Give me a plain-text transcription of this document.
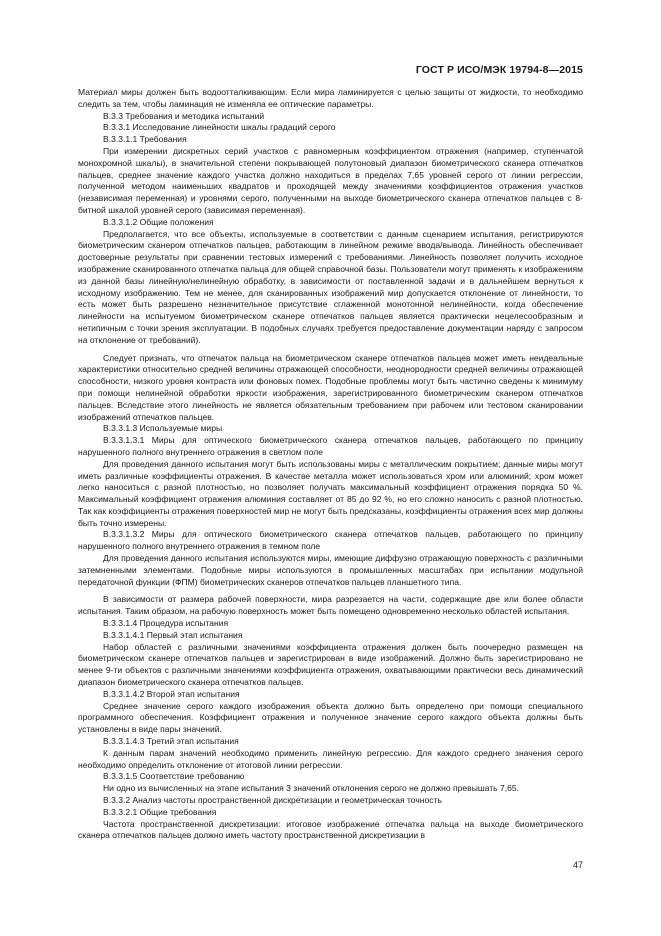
ГОСТ Р ИСО/МЭК 19794-8—2015

Материал миры должен быть водоотталкивающим. Если мира ламинируется с целью защиты от жидкости, то необходимо следить за тем, чтобы ламинация не изменяла ее оптические параметры.

В.3.3 Требования и методика испытаний

В.3.3.1 Исследование линейности шкалы градаций серого

В.3.3.1.1 Требования

При измерении дискретных серий участков с равномерным коэффициентом отражения (например, ступенчатой монохромной шкалы), в значительной степени покрывающей полутоновый диапазон биометрического сканера отпечатков пальцев, среднее значение каждого участка должно находиться в пределах 7,65 уровней серого от линии регрессии, полученной методом наименьших квадратов и проходящей между значениями коэффициентов отражения участков (независимая переменная) и уровнями серого, полученными на выходе биометрического сканера отпечатков пальцев с 8-битной шкалой уровней серого (зависимая переменная).

В.3.3.1.2 Общие положения

Предполагается, что все объекты, используемые в соответствии с данным сценарием испытания, регистрируются биометрическим сканером отпечатков пальцев, работающим в линейном режиме ввода/вывода. Линейность обеспечивает достоверные результаты при сравнении тестовых измерений с требованиями. Линейность позволяет получить исходное изображение сканированного отпечатка пальца для общей справочной базы. Пользователи могут применять к изображениям из данной базы линейную/нелинейную обработку, в зависимости от поставленной задачи и в дальнейшем вернуться к исходному изображению. Тем не менее, для сканированных изображений мир допускается отклонение от линейности, то есть может быть разрешено незначительное присутствие сглаженной монотонной нелинейности, когда обеспечение линейности на испытуемом биометрическом сканере отпечатков пальцев является практически нецелесообразным и нетипичным с точки зрения эксплуатации. В подобных случаях требуется предоставление документации наряду с запросом на отклонение от требований).

Следует признать, что отпечаток пальца на биометрическом сканере отпечатков пальцев может иметь неидеальные характеристики относительно средней величины отражающей способности, неоднородности средней величины отражающей способности, низкого уровня контраста или фоновых помех. Подобные проблемы могут быть частично сведены к минимуму при помощи нелинейной обработки яркости изображения, зарегистрированного биометрическим сканером отпечатков пальцев. Вследствие этого линейность не является обязательным требованием при рабочем или тестовом сканировании изображений отпечатков пальцев.

В.3.3.1.3 Используемые миры

В.3.3.1.3.1 Миры для оптического биометрического сканера отпечатков пальцев, работающего по принципу нарушенного полного внутреннего отражения в светлом поле

Для проведения данного испытания могут быть использованы миры с металлическим покрытием; данные миры могут иметь различные коэффициенты отражения. В качестве металла может использоваться хром или алюминий; хром может легко наноситься с разной плотностью, но позволяет получать максимальный коэффициент отражения порядка 50 %. Максимальный коэффициент отражения алюминия составляет от 85 до 92 %, но его сложно наносить с разной плотностью. Так как коэффициенты отражения поверхностей мир не могут быть предсказаны, коэффициенты отражения всех мир должны быть точно измерены.

В.3.3.1.3.2 Миры для оптического биометрического сканера отпечатков пальцев, работающего по принципу нарушенного полного внутреннего отражения в темном поле

Для проведения данного испытания используются миры, имеющие диффузно отражающую поверхность с различными затемненными элементами. Подобные миры используются в промышленных масштабах при испытании модульной передаточной функции (ФПМ) биометрических сканеров отпечатков пальцев планшетного типа.

В зависимости от размера рабочей поверхности, мира разрезается на части, содержащие две или более области испытания. Таким образом, на рабочую поверхность может быть помещено одновременно несколько областей испытания.

В.3.3.1.4 Процедура испытания

В.3.3.1.4.1 Первый этап испытания

Набор областей с различными значениями коэффициента отражения должен быть поочередно размещен на биометрическом сканере отпечатков пальцев и зарегистрирован в виде изображений. Должно быть зарегистрировано не менее 9-ти объектов с различными значениями коэффициента отражения, охватывающими практически весь динамический диапазон биометрического сканера отпечатков пальцев.

В.3.3.1.4.2 Второй этап испытания

Среднее значение серого каждого изображения объекта должно быть определено при помощи специального программного обеспечения. Коэффициент отражения и полученное значение серого каждого объекта должны быть установлены в виде пары значений.

В.3.3.1.4.3 Третий этап испытания

К данным парам значений необходимо применить линейную регрессию. Для каждого среднего значения серого необходимо определить отклонение от итоговой линии регрессии.

В.3.3.1.5 Соответствие требованию

Ни одно из вычисленных на этапе испытания 3 значений отклонения серого не должно превышать 7,65.

В.3.3.2 Анализ частоты пространственной дискретизации и геометрическая точность

В.3.3.2.1 Общие требования

Частота пространственной дискретизации: итоговое изображение отпечатка пальца на выходе биометрического сканера отпечатков пальцев должно иметь частоту пространственной дискретизации в

47
